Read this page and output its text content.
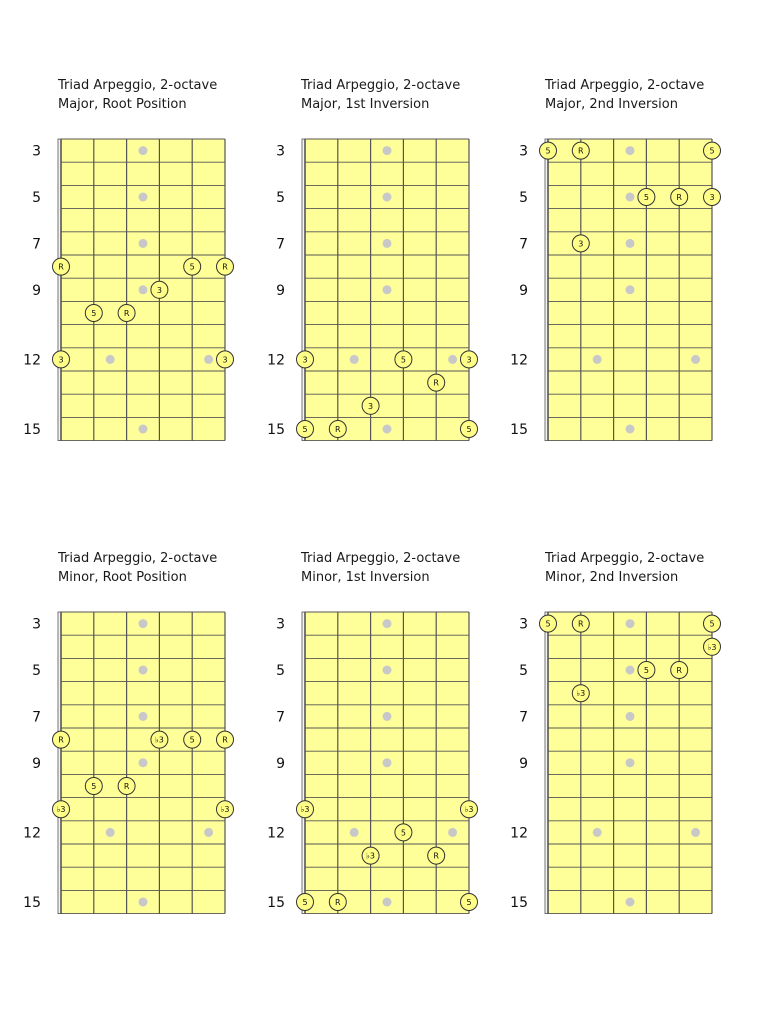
Triad Arpeggio, 2-octave
Major, Root Position
Triad Arpeggio, 2-octave
Major, 1st Inversion
Triad Arpeggio, 2-octave
Major, 2nd Inversion
Triad Arpeggio, 2-octave
Minor, Root Position
Triad Arpeggio, 2-octave
Minor, 1st Inversion
Triad Arpeggio, 2-octave
Minor, 2nd Inversion
3
5
7
9
12
15
R
5	R
3
5	R
3	3
3
5
7
9
12
15
3
5	R
3
5
R
3
5
3
5
7
9
12
15
5	R
3
5	R	3
5
3
5
7
9
12
15
R
5	R
♭3	5	R
♭3	♭3
3
5
7
9
12
15
♭3
5	R
♭3
5
R
♭3
5
3
5
7
9
12
15
5	R
♭3
5	R
♭3
5
